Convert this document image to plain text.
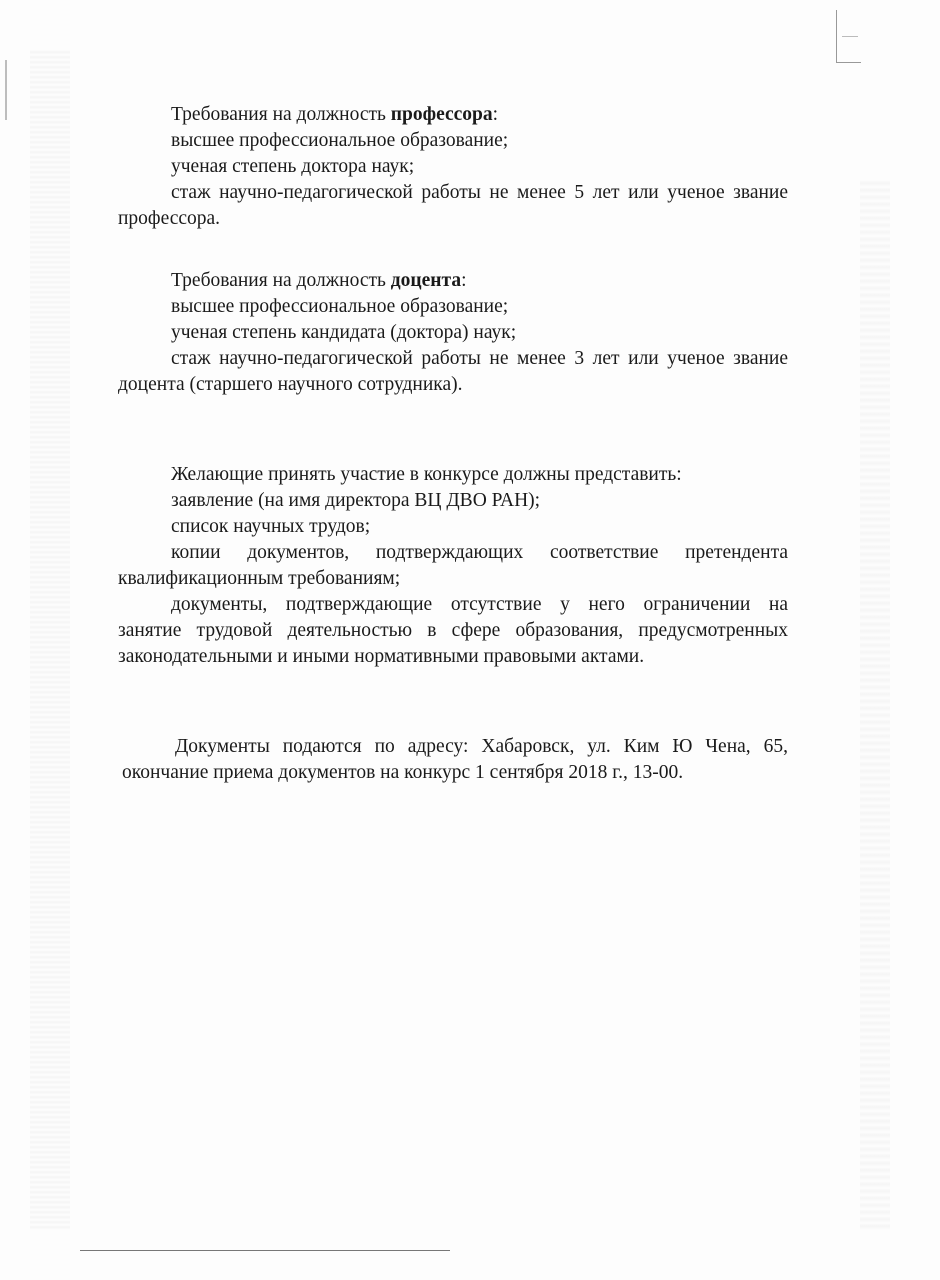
Требования на должность профессора:
высшее профессиональное образование;
ученая степень доктора наук;
стаж научно-педагогической работы не менее 5 лет или ученое звание
профессора.
Требования на должность доцента:
высшее профессиональное образование;
ученая степень кандидата (доктора) наук;
стаж научно-педагогической работы не менее 3 лет или ученое звание
доцента (старшего научного сотрудника).
Желающие принять участие в конкурсе должны представить:
заявление (на имя директора ВЦ ДВО РАН);
список научных трудов;
копии документов, подтверждающих соответствие претендента
квалификационным требованиям;
документы, подтверждающие отсутствие у него ограничении на
занятие трудовой деятельностью в сфере образования, предусмотренных
законодательными и иными нормативными правовыми актами.
Документы подаются по адресу: Хабаровск, ул. Ким Ю Чена, 65,
окончание приема документов на конкурс 1 сентября 2018 г., 13-00.
